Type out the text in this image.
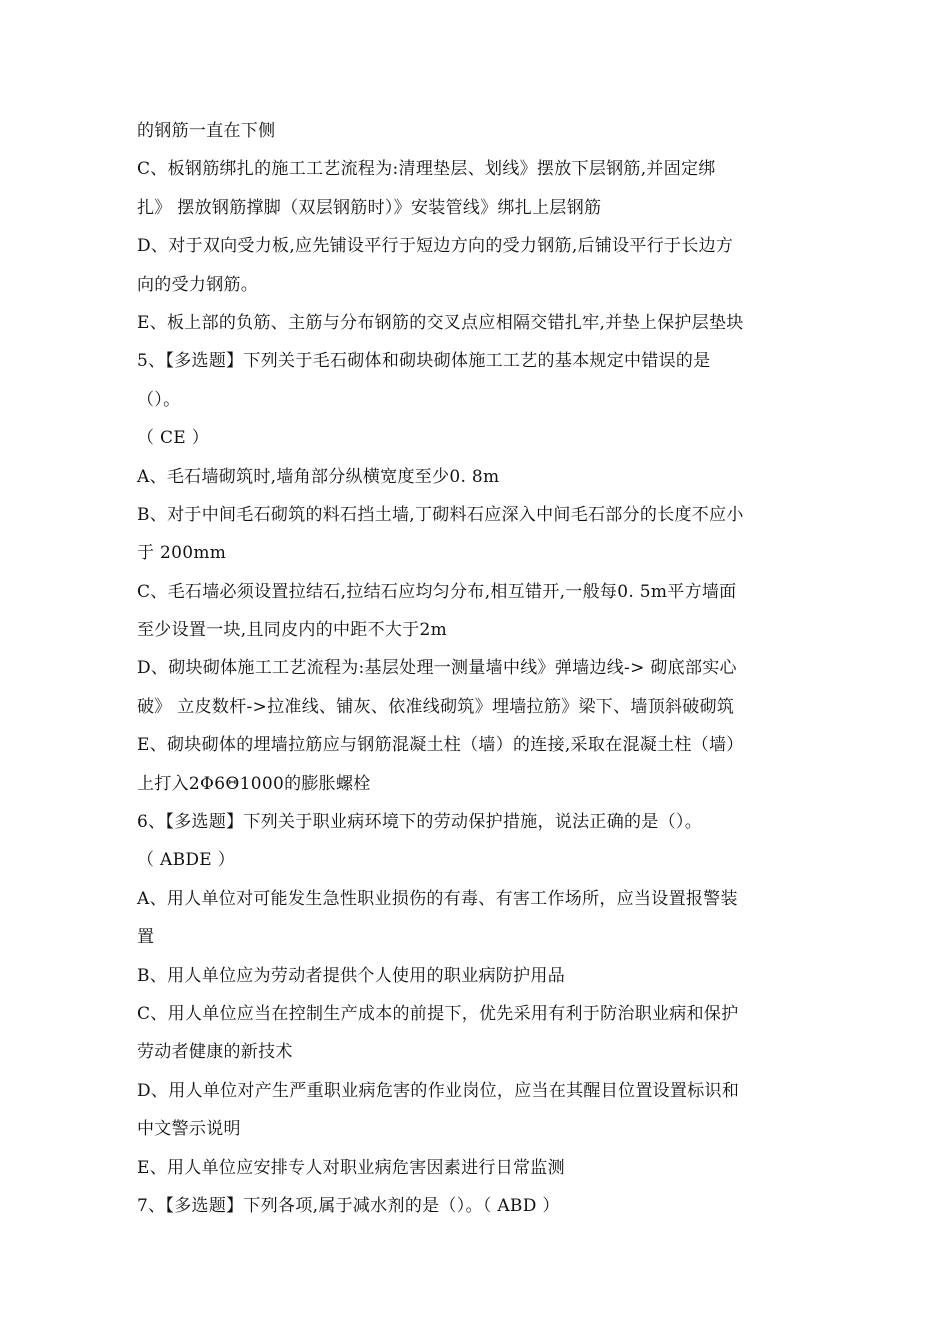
的钢筋一直在下侧
C、板钢筋绑扎的施工工艺流程为:清理垫层、划线》摆放下层钢筋,并固定绑
扎》 摆放钢筋撑脚（双层钢筋时）》安装管线》绑扎上层钢筋
D、对于双向受力板,应先铺设平行于短边方向的受力钢筋,后铺设平行于长边方
向的受力钢筋。
E、板上部的负筋、主筋与分布钢筋的交叉点应相隔交错扎牢,并垫上保护层垫块
5、【多选题】下列关于毛石砌体和砌块砌体施工工艺的基本规定中错误的是
（）。
（ CE ）
A、毛石墙砌筑时,墙角部分纵横宽度至少0. 8m
B、对于中间毛石砌筑的料石挡土墙,丁砌料石应深入中间毛石部分的长度不应小
于 200mm
C、毛石墙必须设置拉结石,拉结石应均匀分布,相互错开,一般每0. 5m平方墙面
至少设置一块,且同皮内的中距不大于2m
D、砌块砌体施工工艺流程为:基层处理一测量墙中线》弹墙边线-> 砌底部实心
破》 立皮数杆->拉准线、铺灰、依准线砌筑》埋墙拉筋》梁下、墙顶斜破砌筑
E、砌块砌体的埋墙拉筋应与钢筋混凝土柱（墙）的连接,采取在混凝土柱（墙）
上打入2Φ6Θ1000的膨胀螺栓
6、【多选题】下列关于职业病环境下的劳动保护措施，说法正确的是（）。
（ ABDE ）
A、用人单位对可能发生急性职业损伤的有毒、有害工作场所，应当设置报警装
置
B、用人单位应为劳动者提供个人使用的职业病防护用品
C、用人单位应当在控制生产成本的前提下，优先采用有利于防治职业病和保护
劳动者健康的新技术
D、用人单位对产生严重职业病危害的作业岗位，应当在其醒目位置设置标识和
中文警示说明
E、用人单位应安排专人对职业病危害因素进行日常监测
7、【多选题】下列各项,属于减水剂的是（）。（ ABD ）
